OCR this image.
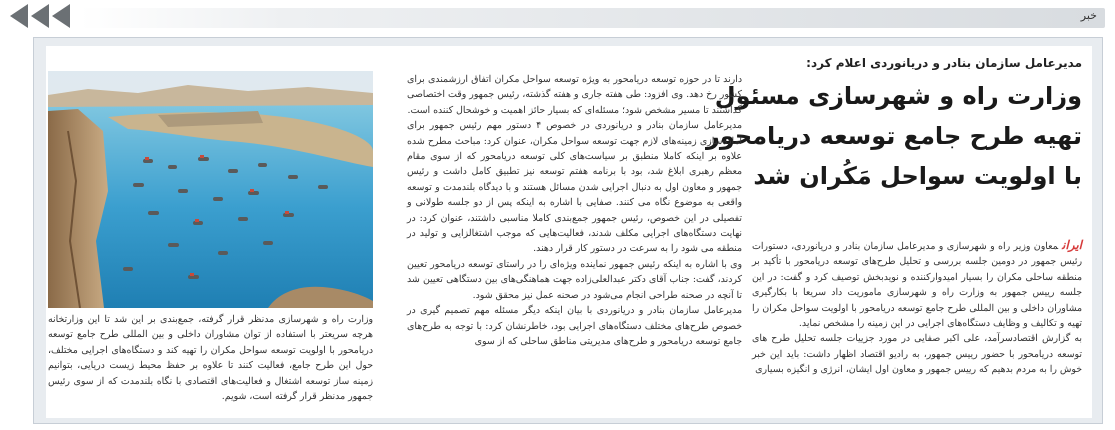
خبر

مدیرعامل سازمان بنادر و دریانوردی اعلام کرد:

وزارت راه و شهرسازی مسئول
تهیه طرح جامع توسعه دریامحور
با اولویت سواحل مَکُران شد

ایرانمعاون وزیر راه و شهرسازی و مدیرعامل سازمان بنادر و دریانوردی، دستورات رئیس جمهور در دومین جلسه بررسی و تحلیل طرح‌های توسعه دریامحور با تأکید بر منطقه ساحلی مکران را بسیار امیدوارکننده و نویدبخش توصیف کرد و گفت: در این جلسه رییس جمهور به وزارت راه و شهرسازی ماموریت داد سریعا با بکارگیری مشاوران داخلی و بین المللی طرح جامع توسعه دریامحور با اولویت سواحل مکران را تهیه و تکالیف و وظایف دستگاه‌های اجرایی در این زمینه را مشخص نماید.

به گزارش اقتصادسرآمد، علی اکبر صفایی در مورد جزییات جلسه تحلیل طرح های توسعه دریامحور با حضور رییس جمهور، به رادیو اقتصاد اظهار داشت: باید این خبر خوش را به مردم بدهیم که رییس جمهور و معاون اول ایشان، انرژی و انگیزه بسیاری

دارند تا در حوزه توسعه دریامحور به ویژه توسعه سواحل مکران اتفاق ارزشمندی برای کشور رخ دهد. وی افزود: طی هفته جاری و هفته گذشته، رئیس جمهور وقت اختصاصی گذاشتند تا مسیر مشخص شود؛ مسئله‌ای که بسیار حائز اهمیت و خوشحال کننده است.

مدیرعامل سازمان بنادر و دریانوردی در خصوص ۴ دستور مهم رئیس جمهور برای آماده‌سازی زمینه‌های لازم جهت توسعه سواحل مکران، عنوان کرد: مباحث مطرح شده علاوه بر اینکه کاملا منطبق بر سیاست‌های کلی توسعه دریامحور که از سوی مقام معظم رهبری ابلاغ شد، بود با برنامه هفتم توسعه نیز تطبیق کامل داشت و رئیس جمهور و معاون اول به دنبال اجرایی شدن مسائل هستند و با دیدگاه بلندمدت و توسعه واقعی به موضوع نگاه می کنند. صفایی با اشاره به اینکه پس از دو جلسه طولانی و تفصیلی در این خصوص، رئیس جمهور جمع‌بندی کاملا مناسبی داشتند، عنوان کرد: در نهایت دستگاه‌های اجرایی مکلف شدند، فعالیت‌هایی که موجب اشتغالزایی و تولید در منطقه می شود را به سرعت در دستور کار قرار دهند.

وی با اشاره به اینکه رئیس جمهور نماینده ویژه‌ای را در راستای توسعه دریامحور تعیین کردند، گفت: جناب آقای دکتر عبدالعلی‌زاده جهت هماهنگی‌های بین دستگاهی تعیین شد تا آنچه در صحنه طراحی انجام می‌شود در صحنه عمل نیز محقق شود.

مدیرعامل سازمان بنادر و دریانوردی با بیان اینکه دیگر مسئله مهم تصمیم گیری در خصوص طرح‌های مختلف دستگاه‌های اجرایی بود، خاطرنشان کرد: با توجه به طرح‌های جامع توسعه دریامحور و طرح‌های مدیریتی مناطق ساحلی که از سوی

وزارت راه و شهرسازی مدنظر قرار گرفته، جمع‌بندی بر این شد تا این وزارتخانه هرچه سریعتر با استفاده از توان مشاوران داخلی و بین المللی طرح جامع توسعه دریامحور با اولویت توسعه سواحل مکران را تهیه کند و دستگاه‌های اجرایی مختلف، حول این طرح جامع، فعالیت کنند تا علاوه بر حفظ محیط زیست دریایی، بتوانیم زمینه ساز توسعه اشتغال و فعالیت‌های اقتصادی با نگاه بلندمدت که از سوی رئیس جمهور مدنظر قرار گرفته است، شویم.
